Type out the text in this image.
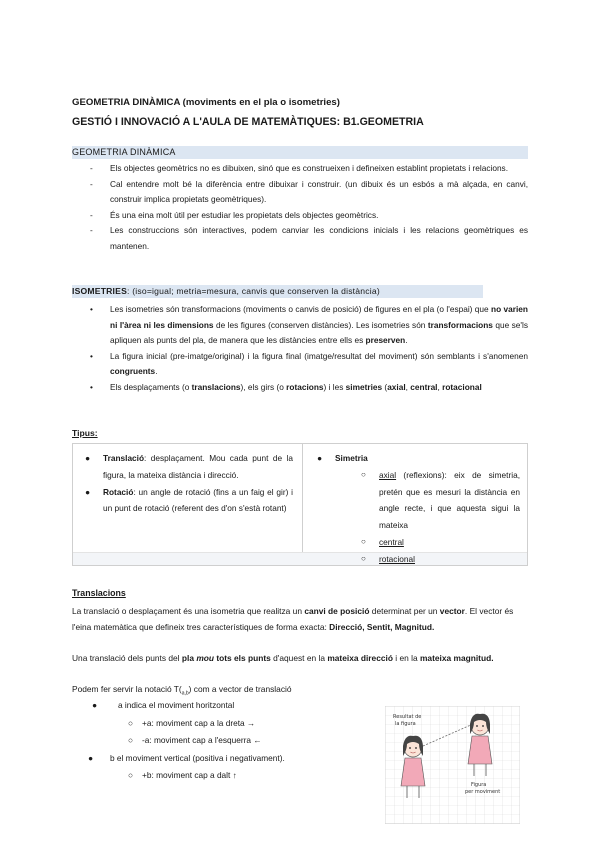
GEOMETRIA DINÀMICA (moviments en el pla o isometries)
GESTIÓ I INNOVACIÓ A L'AULA DE MATEMÀTIQUES: B1.GEOMETRIA
GEOMETRIA DINÀMICA
- Els objectes geomètrics no es dibuixen, sinó que es construeixen i defineixen establint propietats i relacions.
- Cal entendre molt bé la diferència entre dibuixar i construir. (un dibuix és un esbós a mà alçada, en canvi, construir implica propietats geomètriques).
- És una eina molt útil per estudiar les propietats dels objectes geomètrics.
- Les construccions són interactives, podem canviar les condicions inicials i les relacions geomètriques es mantenen.
ISOMETRIES: (iso=igual; metria=mesura, canvis que conserven la distància)
• Les isometries són transformacions (moviments o canvis de posició) de figures en el pla (o l'espai) que no varien ni l'àrea ni les dimensions de les figures (conserven distàncies). Les isometries són transformacions que se'ls apliquen als punts del pla, de manera que les distàncies entre ells es preserven.
• La figura inicial (pre-imatge/original) i la figura final (imatge/resultat del moviment) són semblants i s'anomenen congruents.
• Els desplaçaments (o translacions), els girs (o rotacions) i les simetries (axial, central, rotacional
Tipus:
● Translació: desplaçament. Mou cada punt de la figura, la mateixa distància i direcció.
● Rotació: un angle de rotació (fins a un faig el gir) i un punt de rotació (referent des d'on s'està rotant)
● Simetria
○ axial (reflexions): eix de simetria, pretén que es mesuri la distància en angle recte, i que aquesta sigui la mateixa
○ central
○ rotacional
Translacions
La translació o desplaçament és una isometria que realitza un canvi de posició determinat per un vector. El vector és l'eina matemàtica que defineix tres característiques de forma exacta: Direcció, Sentit, Magnitud.
Una translació dels punts del pla mou tots els punts d'aquest en la mateixa direcció i en la mateixa magnitud.
Podem fer servir la notació $T(_{a,b})$ com a vector de translació
●	a indica el moviment horitzontal
○ +a: moviment cap a la dreta →
○ -a: moviment cap a l'esquerra ←
● b el moviment vertical (positiva i negativament).
○ +b: moviment cap a dalt ↑
Resultat de
la figura
Figura
per moviment
